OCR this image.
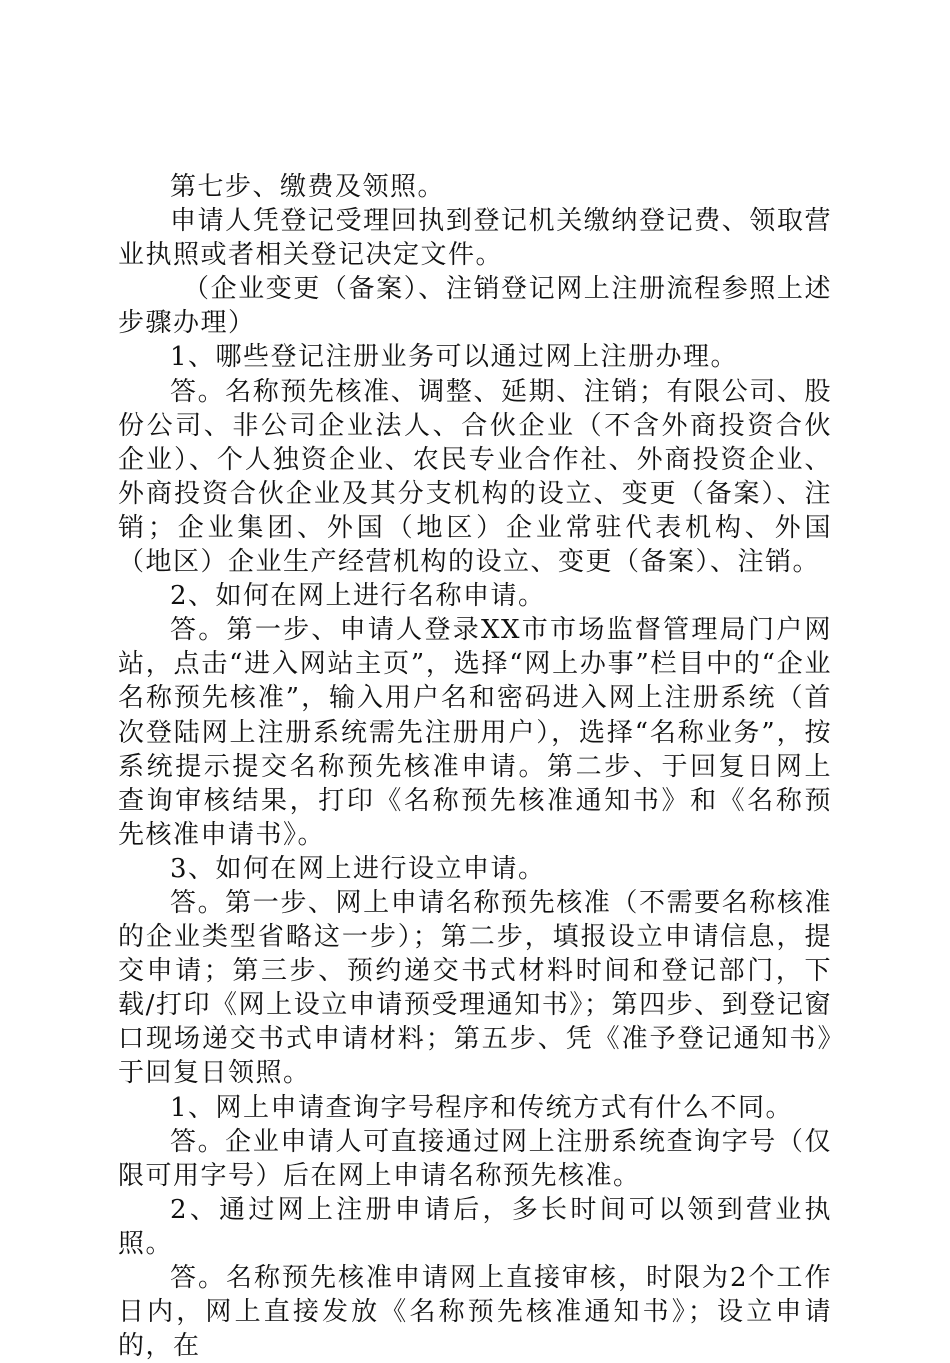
第七步、缴费及领照。

申请人凭登记受理回执到登记机关缴纳登记费、领取营业执照或者相关登记决定文件。

（企业变更（备案）、注销登记网上注册流程参照上述步骤办理）

1、哪些登记注册业务可以通过网上注册办理。

答。名称预先核准、调整、延期、注销；有限公司、股份公司、非公司企业法人、合伙企业（不含外商投资合伙企业）、个人独资企业、农民专业合作社、外商投资企业、外商投资合伙企业及其分支机构的设立、变更（备案）、注销；企业集团、外国（地区）企业常驻代表机构、外国（地区）企业生产经营机构的设立、变更（备案）、注销。

2、如何在网上进行名称申请。

答。第一步、申请人登录XX市市场监督管理局门户网站，点击“进入网站主页”，选择“网上办事”栏目中的“企业名称预先核准”，输入用户名和密码进入网上注册系统（首次登陆网上注册系统需先注册用户），选择“名称业务”，按系统提示提交名称预先核准申请。第二步、于回复日网上查询审核结果，打印《名称预先核准通知书》和《名称预先核准申请书》。

3、如何在网上进行设立申请。

答。第一步、网上申请名称预先核准（不需要名称核准的企业类型省略这一步）；第二步，填报设立申请信息，提交申请；第三步、预约递交书式材料时间和登记部门，下载/打印《网上设立申请预受理通知书》；第四步、到登记窗口现场递交书式申请材料；第五步、凭《准予登记通知书》于回复日领照。

1、网上申请查询字号程序和传统方式有什么不同。

答。企业申请人可直接通过网上注册系统查询字号（仅限可用字号）后在网上申请名称预先核准。

2、通过网上注册申请后，多长时间可以领到营业执照。

答。名称预先核准申请网上直接审核，时限为2个工作日内，网上直接发放《名称预先核准通知书》；设立申请的，在
